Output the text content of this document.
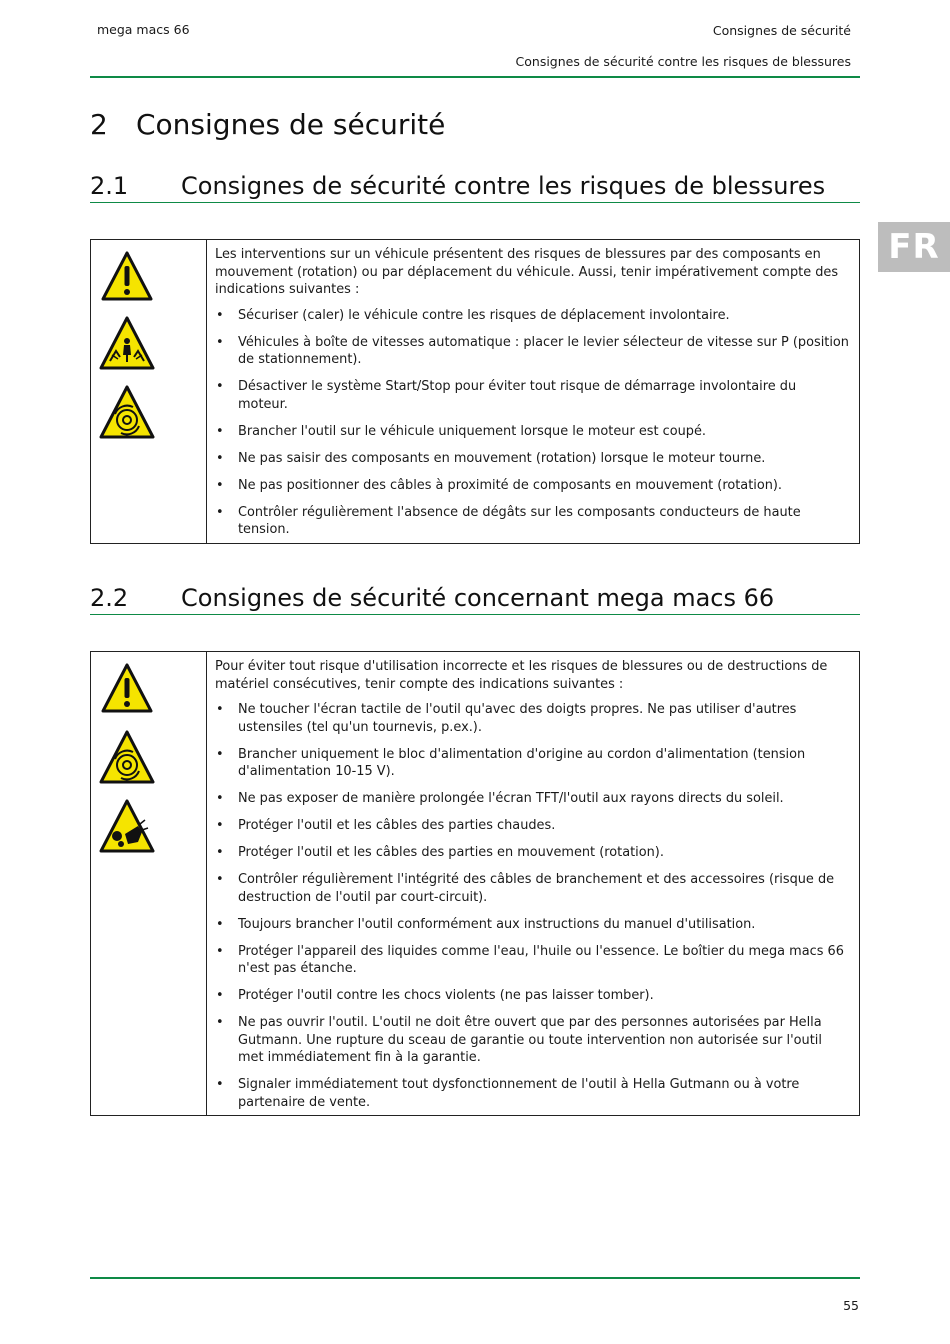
mega macs 66	Consignes de sécurité
Consignes de sécurité contre les risques de blessures
FR
2 Consignes de sécurité
2.1 Consignes de sécurité contre les risques de blessures

Les interventions sur un véhicule présentent des risques de blessures par des composants en mouvement (rotation) ou par déplacement du véhicule. Aussi, tenir impérativement compte des indications suivantes :

• Sécuriser (caler) le véhicule contre les risques de déplacement involontaire.
• Véhicules à boîte de vitesses automatique : placer le levier sélecteur de vitesse sur P (position de stationnement).
• Désactiver le système Start/Stop pour éviter tout risque de démarrage involontaire du moteur.
• Brancher l'outil sur le véhicule uniquement lorsque le moteur est coupé.
• Ne pas saisir des composants en mouvement (rotation) lorsque le moteur tourne.
• Ne pas positionner des câbles à proximité de composants en mouvement (rotation).
• Contrôler régulièrement l'absence de dégâts sur les composants conducteurs de haute tension.
2.2 Consignes de sécurité concernant mega macs 66

Pour éviter tout risque d'utilisation incorrecte et les risques de blessures ou de destructions de matériel consécutives, tenir compte des indications suivantes :

• Ne toucher l'écran tactile de l'outil qu'avec des doigts propres. Ne pas utiliser d'autres ustensiles (tel qu'un tournevis, p.ex.).
• Brancher uniquement le bloc d'alimentation d'origine au cordon d'alimentation (tension d'alimentation 10-15 V).
• Ne pas exposer de manière prolongée l'écran TFT/l'outil aux rayons directs du soleil.
• Protéger l'outil et les câbles des parties chaudes.
• Protéger l'outil et les câbles des parties en mouvement (rotation).
• Contrôler régulièrement l'intégrité des câbles de branchement et des accessoires (risque de destruction de l'outil par court-circuit).
• Toujours brancher l'outil conformément aux instructions du manuel d'utilisation.
• Protéger l'appareil des liquides comme l'eau, l'huile ou l'essence. Le boîtier du mega macs 66 n'est pas étanche.
• Protéger l'outil contre les chocs violents (ne pas laisser tomber).
• Ne pas ouvrir l'outil. L'outil ne doit être ouvert que par des personnes autorisées par Hella Gutmann. Une rupture du sceau de garantie ou toute intervention non autorisée sur l'outil met immédiatement fin à la garantie.
• Signaler immédiatement tout dysfonctionnement de l'outil à Hella Gutmann ou à votre partenaire de vente.
55
